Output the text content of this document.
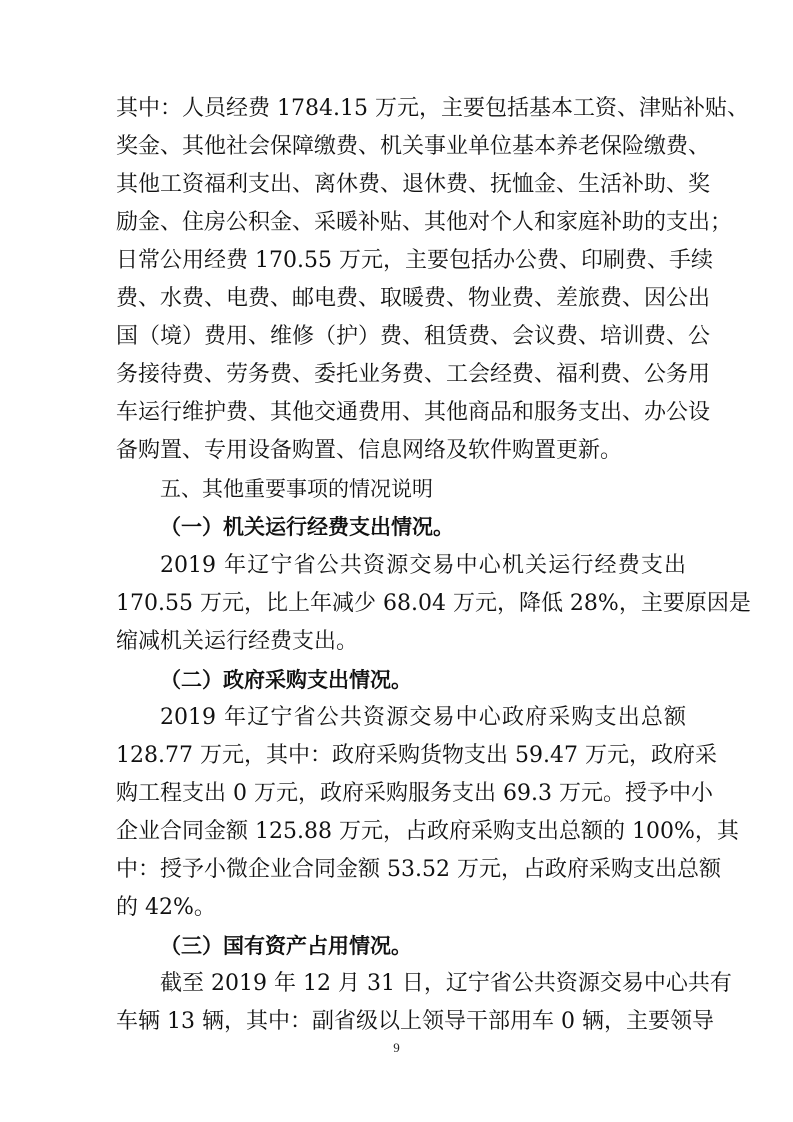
其中：人员经费 1784.15 万元，主要包括基本工资、津贴补贴、
奖金、其他社会保障缴费、机关事业单位基本养老保险缴费、
其他工资福利支出、离休费、退休费、抚恤金、生活补助、奖
励金、住房公积金、采暖补贴、其他对个人和家庭补助的支出；
日常公用经费 170.55 万元，主要包括办公费、印刷费、手续
费、水费、电费、邮电费、取暖费、物业费、差旅费、因公出
国（境）费用、维修（护）费、租赁费、会议费、培训费、公
务接待费、劳务费、委托业务费、工会经费、福利费、公务用
车运行维护费、其他交通费用、其他商品和服务支出、办公设
备购置、专用设备购置、信息网络及软件购置更新。
五、其他重要事项的情况说明
（一）机关运行经费支出情况。
2019 年辽宁省公共资源交易中心机关运行经费支出
170.55 万元，比上年减少 68.04 万元，降低 28%，主要原因是
缩减机关运行经费支出。
（二）政府采购支出情况。
2019 年辽宁省公共资源交易中心政府采购支出总额
128.77 万元，其中：政府采购货物支出 59.47 万元，政府采
购工程支出 0 万元，政府采购服务支出 69.3 万元。授予中小
企业合同金额 125.88 万元，占政府采购支出总额的 100%，其
中：授予小微企业合同金额 53.52 万元，占政府采购支出总额
的 42%。
（三）国有资产占用情况。
截至 2019 年 12 月 31 日，辽宁省公共资源交易中心共有
车辆 13 辆，其中：副省级以上领导干部用车 0 辆，主要领导
9
